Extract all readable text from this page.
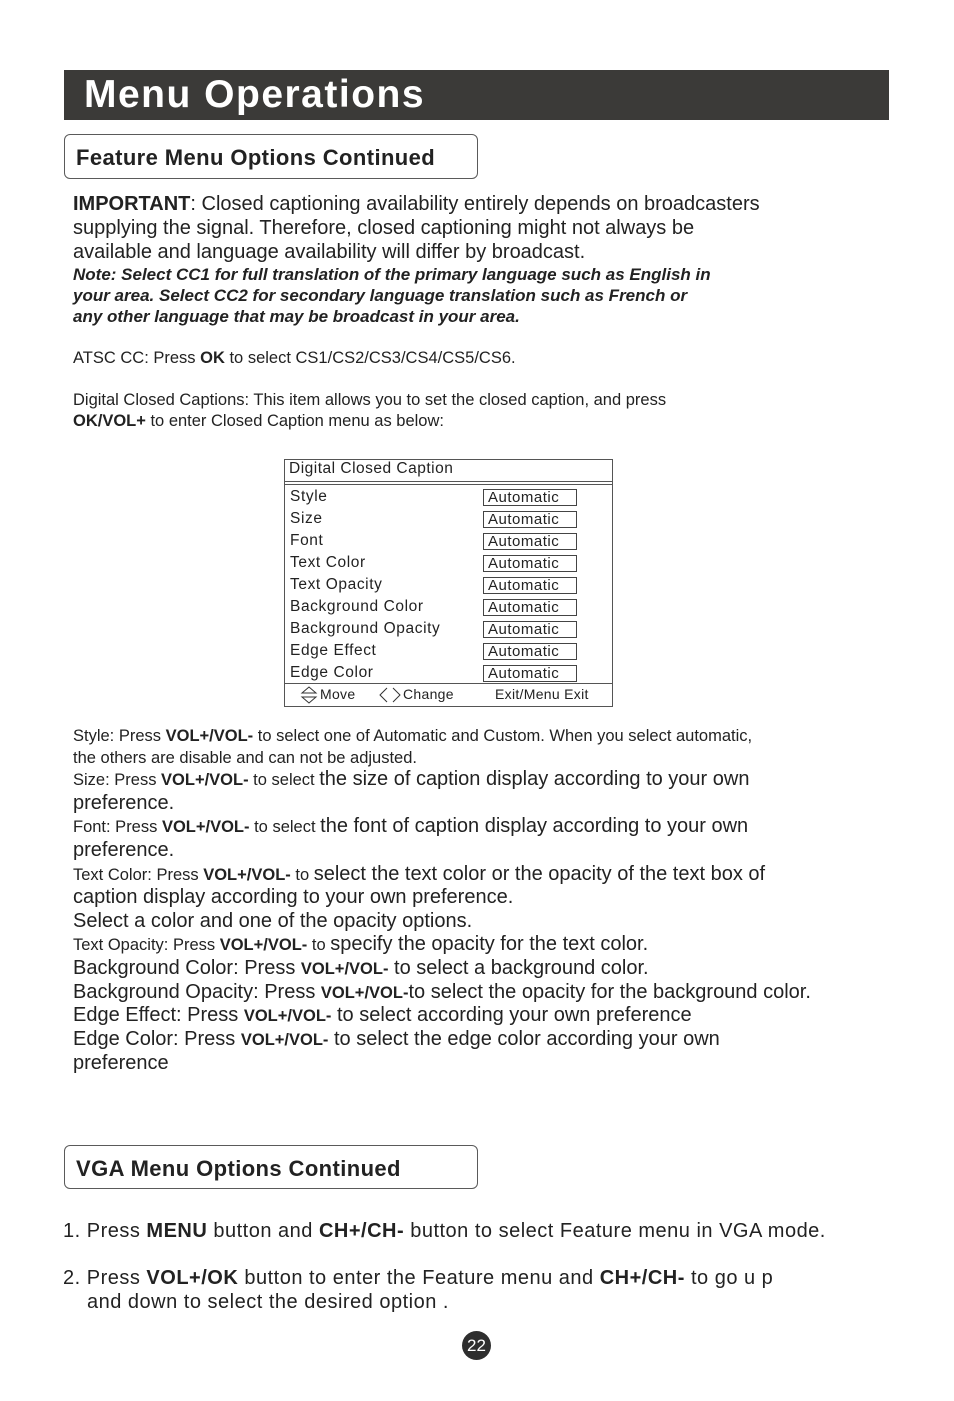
Menu Operations
Feature Menu Options Continued
IMPORTANT: Closed captioning availability entirely depends on broadcasters
supplying the signal. Therefore, closed captioning might not always be
available and language availability will differ by broadcast.
Note: Select CC1 for full translation of the primary language such as English in
your area. Select CC2 for secondary language translation such as French or
any other language that may be broadcast in your area.
ATSC CC: Press OK to select CS1/CS2/CS3/CS4/CS5/CS6.
Digital Closed Captions: This item allows you to set the closed caption, and press
OK/VOL+ to enter Closed Caption menu as below:
Digital Closed Caption
Style	Automatic
Size	Automatic
Font	Automatic
Text Color	Automatic
Text Opacity	Automatic
Background Color	Automatic
Background Opacity	Automatic
Edge Effect	Automatic
Edge Color	Automatic
Move	Change	Exit/Menu Exit
Style: Press VOL+/VOL- to select one of Automatic and Custom. When you select automatic,
the others are disable and can not be adjusted.
Size: Press VOL+/VOL- to select the size of caption display according to your own
preference.
Font: Press VOL+/VOL- to select the font of caption display according to your own
preference.
Text Color: Press VOL+/VOL- to select the text color or the opacity of the text box of
caption display according to your own preference.
Select a color and one of the opacity options.
Text Opacity: Press VOL+/VOL- to specify the opacity for the text color.
Background Color: Press VOL+/VOL- to select a background color.
Background Opacity: Press VOL+/VOL-to select the opacity for the background color.
Edge Effect: Press VOL+/VOL- to select according your own preference
Edge Color: Press VOL+/VOL- to select the edge color according your own
preference
VGA Menu Options Continued
1. Press MENU button and CH+/CH- button to select Feature menu in VGA mode.
2. Press VOL+/OK button to enter the Feature menu and CH+/CH- to go u p
and down to select the desired option .
22
